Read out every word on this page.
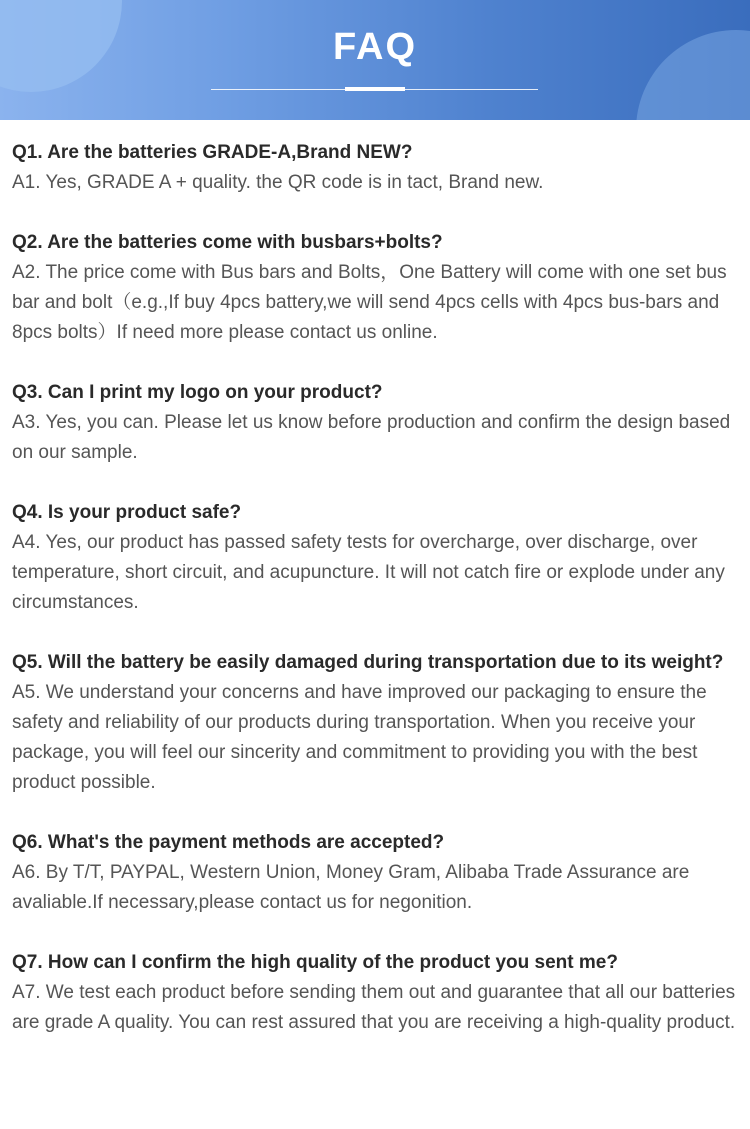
FAQ
Q1. Are the batteries GRADE-A,Brand NEW?
A1. Yes, GRADE A + quality. the QR code is in tact, Brand new.
Q2. Are the batteries come with busbars+bolts?
A2. The price come with Bus bars and Bolts，One Battery will come with one set bus bar and bolt（e.g.,If buy 4pcs battery,we will send 4pcs cells with 4pcs bus-bars and 8pcs bolts）If need more please contact us online.
Q3. Can I print my logo on your product?
A3. Yes, you can. Please let us know before production and confirm the design based on our sample.
Q4. Is your product safe?
A4. Yes, our product has passed safety tests for overcharge, over discharge, over temperature, short circuit, and acupuncture. It will not catch fire or explode under any circumstances.
Q5. Will the battery be easily damaged during transportation due to its weight?
A5. We understand your concerns and have improved our packaging to ensure the safety and reliability of our products during transportation. When you receive your package, you will feel our sincerity and commitment to providing you with the best product possible.
Q6. What's the payment methods are accepted?
A6. By T/T, PAYPAL, Western Union, Money Gram, Alibaba Trade Assurance are avaliable.If necessary,please contact us for negonition.
Q7. How can I confirm the high quality of the product you sent me?
A7. We test each product before sending them out and guarantee that all our batteries are grade A quality. You can rest assured that you are receiving a high-quality product.
